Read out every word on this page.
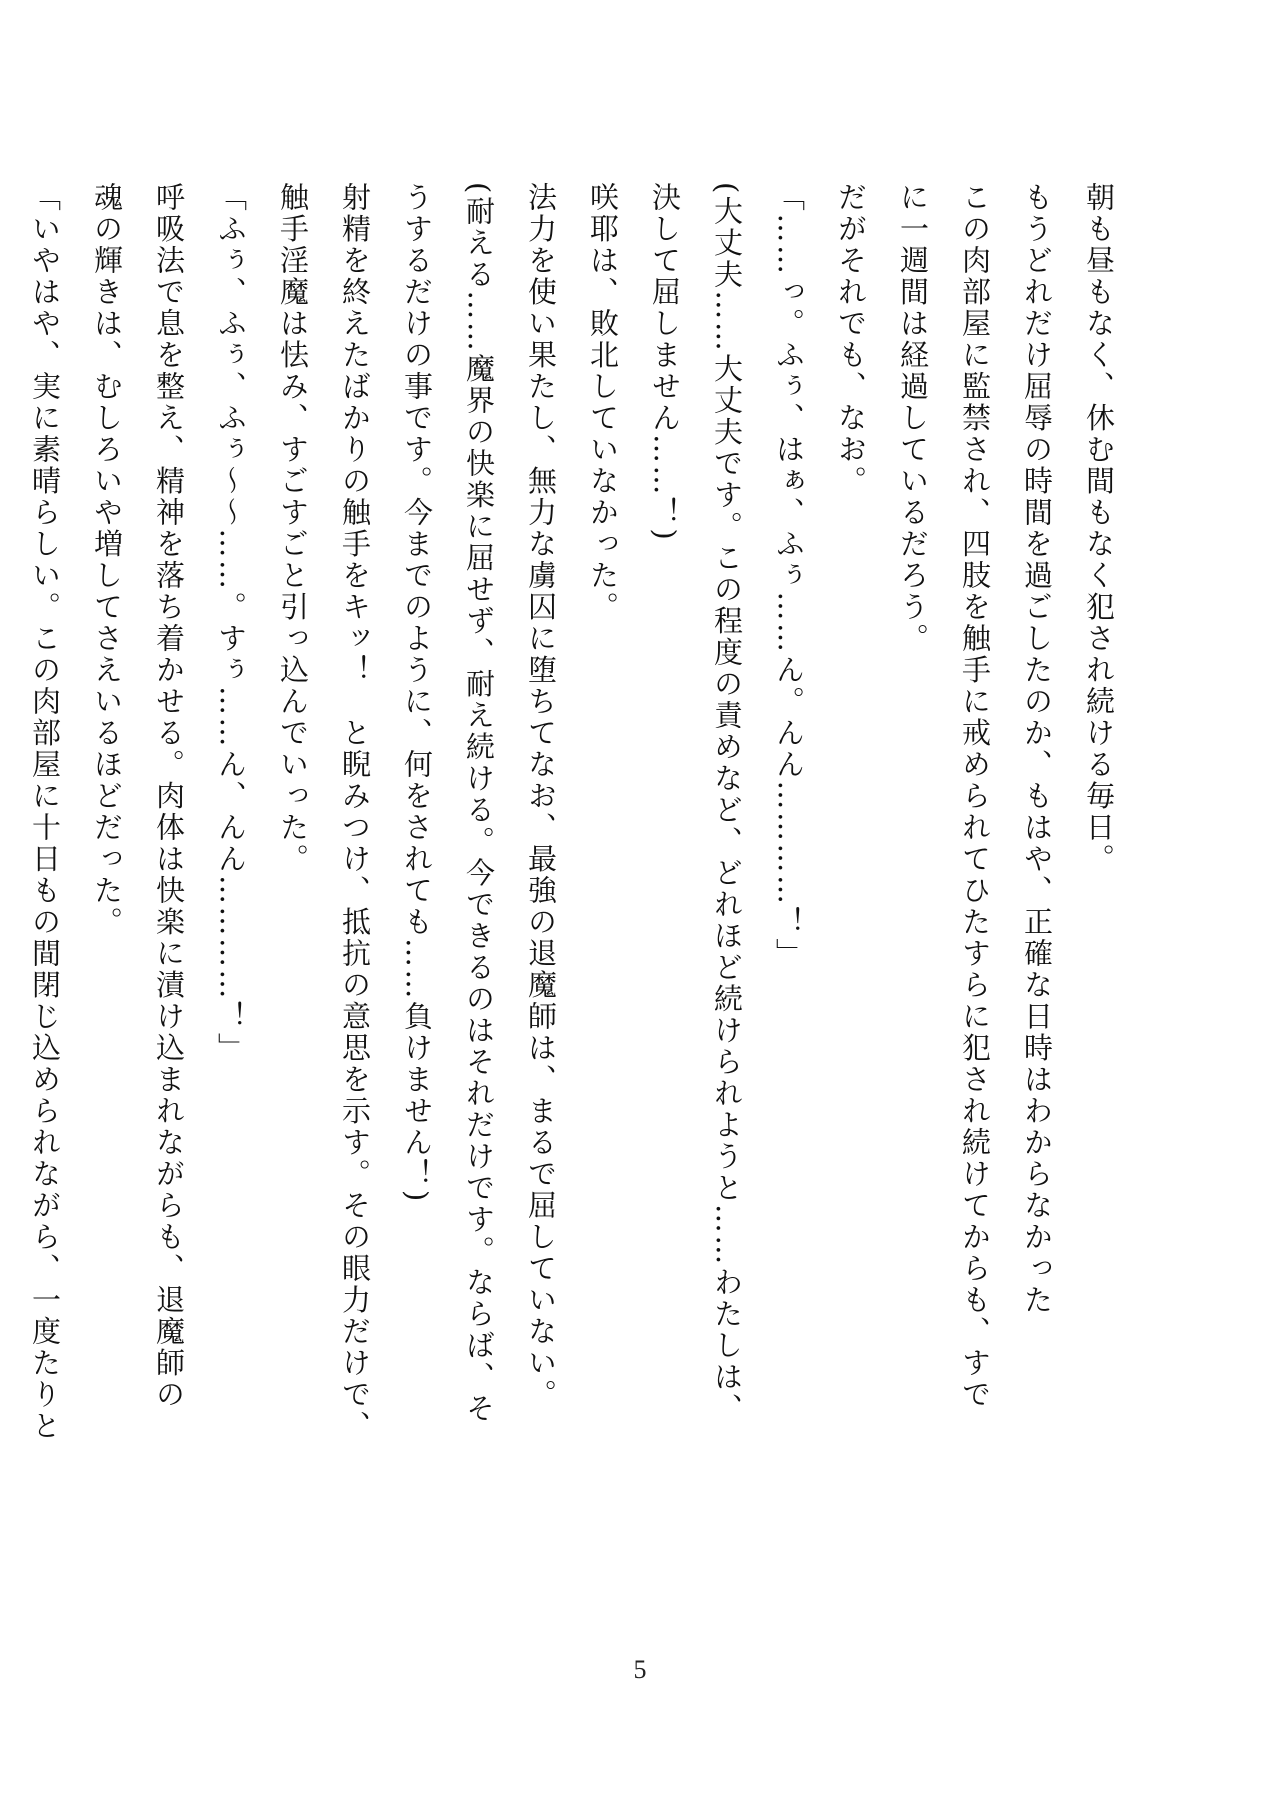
朝も昼もなく、休む間もなく犯され続ける毎日。

もうどれだけ屈辱の時間を過ごしたのか、もはや、正確な日時はわからなかった

この肉部屋に監禁され、四肢を触手に戒められてひたすらに犯され続けてからも、すで

に一週間は経過しているだろう。

だがそれでも、なお。

「……っ。ふぅ、はぁ、ふぅ……ん。んん…………！」

(大丈夫……大丈夫です。この程度の責めなど、どれほど続けられようと……わたしは、

決して屈しません……！)

咲耶は、敗北していなかった。

法力を使い果たし、無力な虜囚に堕ちてなお、最強の退魔師は、まるで屈していない。

(耐える……魔界の快楽に屈せず、耐え続ける。今できるのはそれだけです。ならば、そ

うするだけの事です。今までのように、何をされても……負けません！)

射精を終えたばかりの触手をキッ！　と睨みつけ、抵抗の意思を示す。その眼力だけで、

触手淫魔は怯み、すごすごと引っ込んでいった。

「ふぅ、ふぅ、ふぅ〜〜……。すぅ……ん、んん…………！」

呼吸法で息を整え、精神を落ち着かせる。肉体は快楽に漬け込まれながらも、退魔師の

魂の輝きは、むしろいや増してさえいるほどだった。

「いやはや、実に素晴らしい。この肉部屋に十日もの間閉じ込められながら、一度たりと

5
